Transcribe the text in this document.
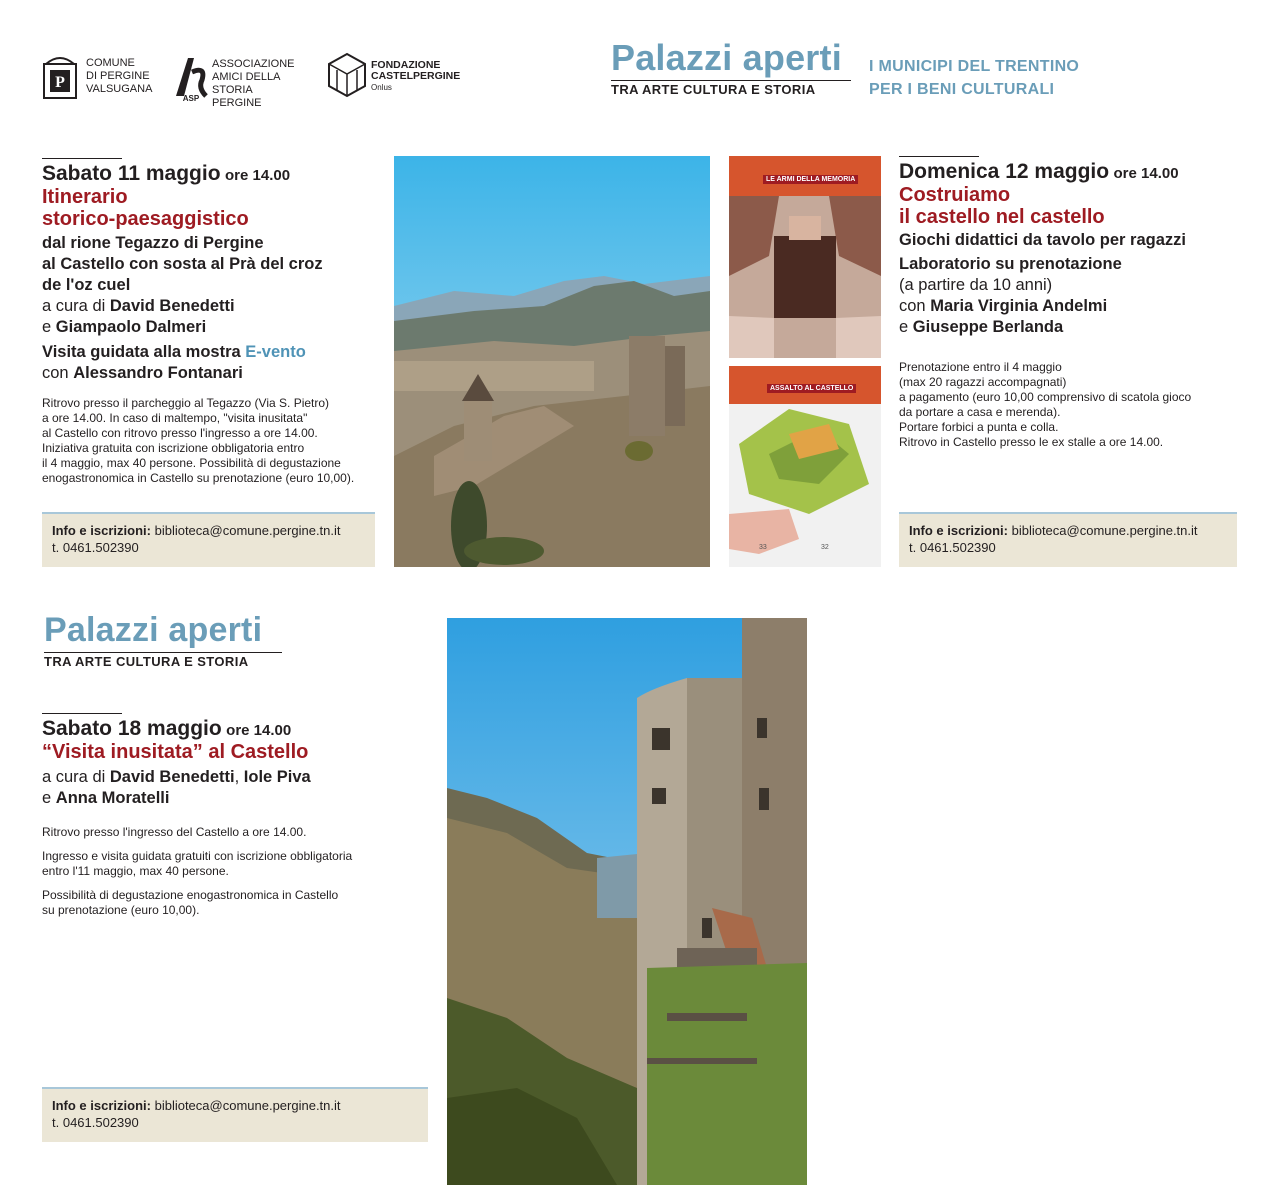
P
COMUNE
DI PERGINE
VALSUGANA
ASP
ASSOCIAZIONE
AMICI DELLA STORIA
PERGINE
FONDAZIONE
CASTELPERGINE
Onlus
Palazzi aperti
TRA ARTE CULTURA E STORIA
I MUNICIPI DEL TRENTINO
PER I BENI CULTURALI
Sabato 11 maggio ore 14.00
Itinerario
storico-paesaggistico
dal rione Tegazzo di Pergine
al Castello con sosta al Prà del croz
de l'oz cuel
a cura di David Benedetti
e Giampaolo Dalmeri
Visita guidata alla mostra E-vento
con Alessandro Fontanari
Ritrovo presso il parcheggio al Tegazzo (Via S. Pietro)
a ore 14.00. In caso di maltempo, "visita inusitata"
al Castello con ritrovo presso l'ingresso a ore 14.00.
Iniziativa gratuita con iscrizione obbligatoria entro
il 4 maggio, max 40 persone. Possibilità di degustazione
enogastronomica in Castello su prenotazione (euro 10,00).
Info e iscrizioni: biblioteca@comune.pergine.tn.it
t. 0461.502390
LE ARMI DELLA MEMORIA
ASSALTO AL CASTELLO
33	32
Domenica 12 maggio ore 14.00
Costruiamo
il castello nel castello
Giochi didattici da tavolo per ragazzi
Laboratorio su prenotazione
(a partire da 10 anni)
con Maria Virginia Andelmi
e Giuseppe Berlanda
Prenotazione entro il 4 maggio
(max 20 ragazzi accompagnati)
a pagamento (euro 10,00 comprensivo di scatola gioco
da portare a casa e merenda).
Portare forbici a punta e colla.
Ritrovo in Castello presso le ex stalle a ore 14.00.
Info e iscrizioni: biblioteca@comune.pergine.tn.it
t. 0461.502390
Palazzi aperti
TRA ARTE CULTURA E STORIA
Sabato 18 maggio ore 14.00
“Visita inusitata” al Castello
a cura di David Benedetti, Iole Piva
e Anna Moratelli
Ritrovo presso l'ingresso del Castello a ore 14.00.
Ingresso e visita guidata gratuiti con iscrizione obbligatoria
entro l'11 maggio, max 40 persone.
Possibilità di degustazione enogastronomica in Castello
su prenotazione (euro 10,00).
Info e iscrizioni: biblioteca@comune.pergine.tn.it
t. 0461.502390
